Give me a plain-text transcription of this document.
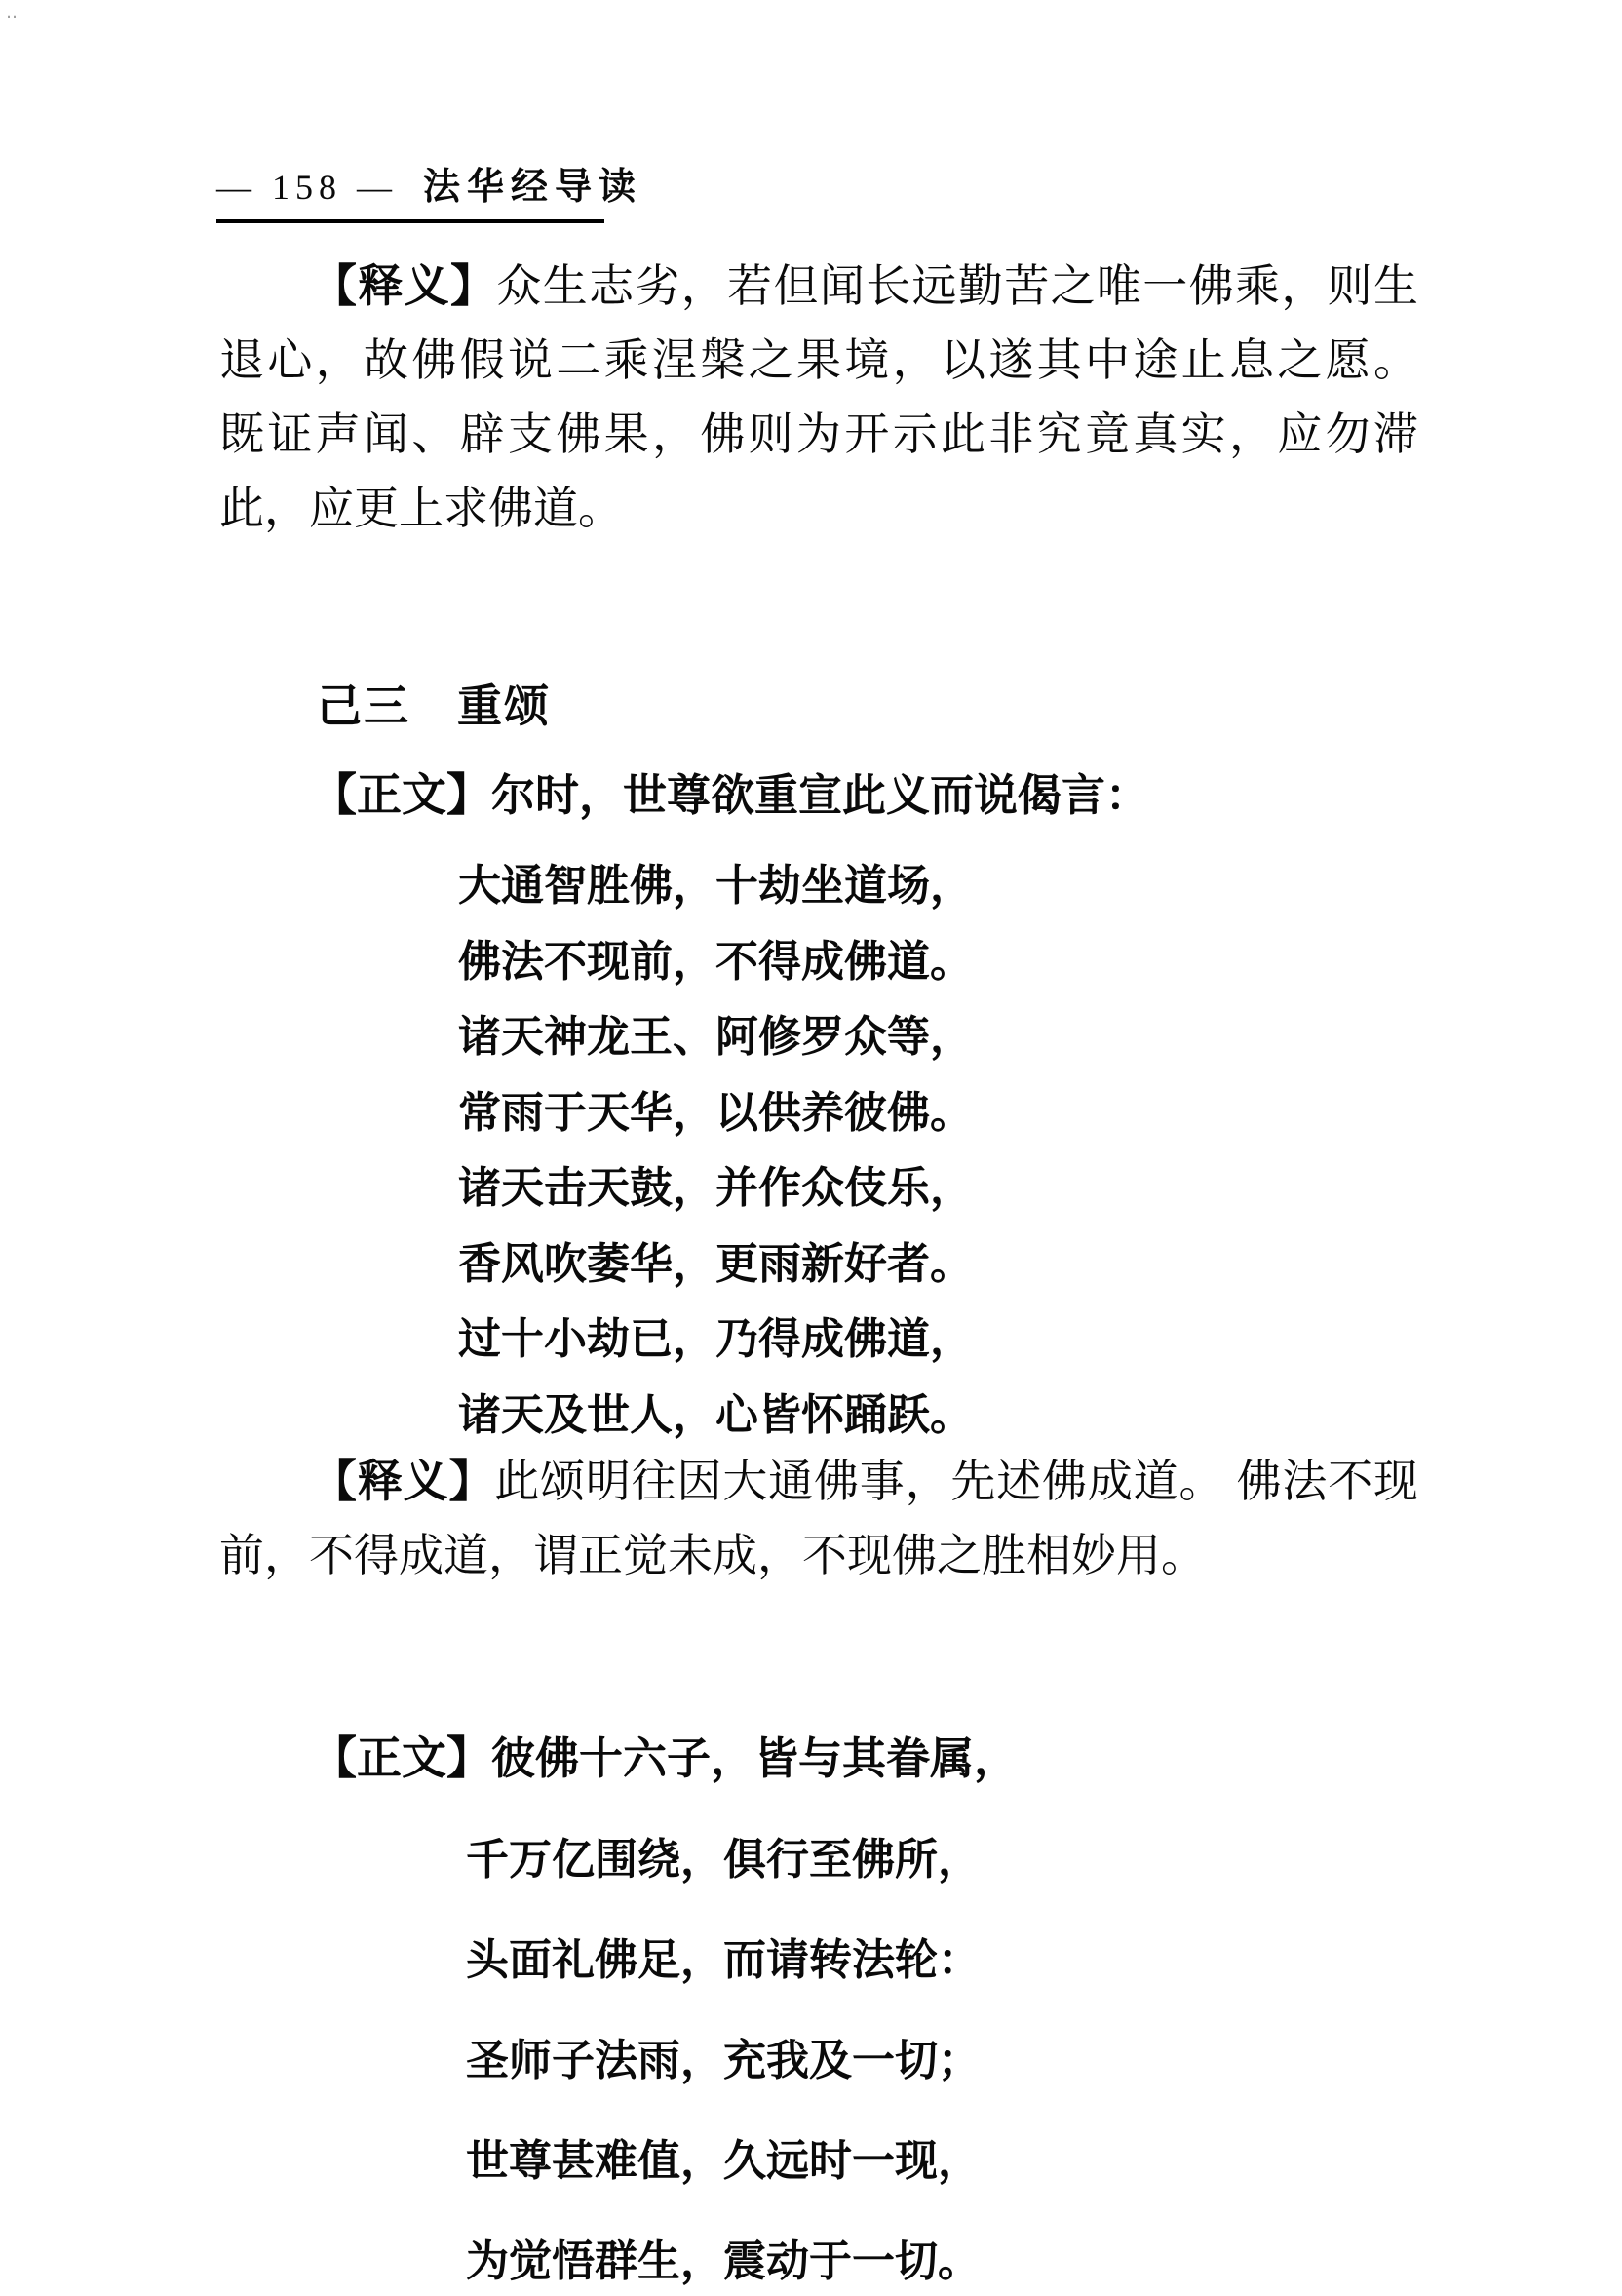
‥
— 158 — 法华经导读
【释义】众生志劣，若但闻长远勤苦之唯一佛乘，则生
退心，故佛假说二乘涅槃之果境，以遂其中途止息之愿。
既证声闻、辟支佛果，佛则为开示此非究竟真实，应勿滞
此，应更上求佛道。
己三　重颂
【正文】尔时，世尊欲重宣此义而说偈言：
大通智胜佛，十劫坐道场，
佛法不现前，不得成佛道。
诸天神龙王、阿修罗众等，
常雨于天华，以供养彼佛。
诸天击天鼓，并作众伎乐，
香风吹萎华，更雨新好者。
过十小劫已，乃得成佛道，
诸天及世人，心皆怀踊跃。
【释义】此颂明往因大通佛事，先述佛成道。 佛法不现
前，不得成道，谓正觉未成，不现佛之胜相妙用。
【正文】彼佛十六子，皆与其眷属，
千万亿围绕，俱行至佛所，
头面礼佛足，而请转法轮：
圣师子法雨，充我及一切；
世尊甚难值，久远时一现，
为觉悟群生，震动于一切。
